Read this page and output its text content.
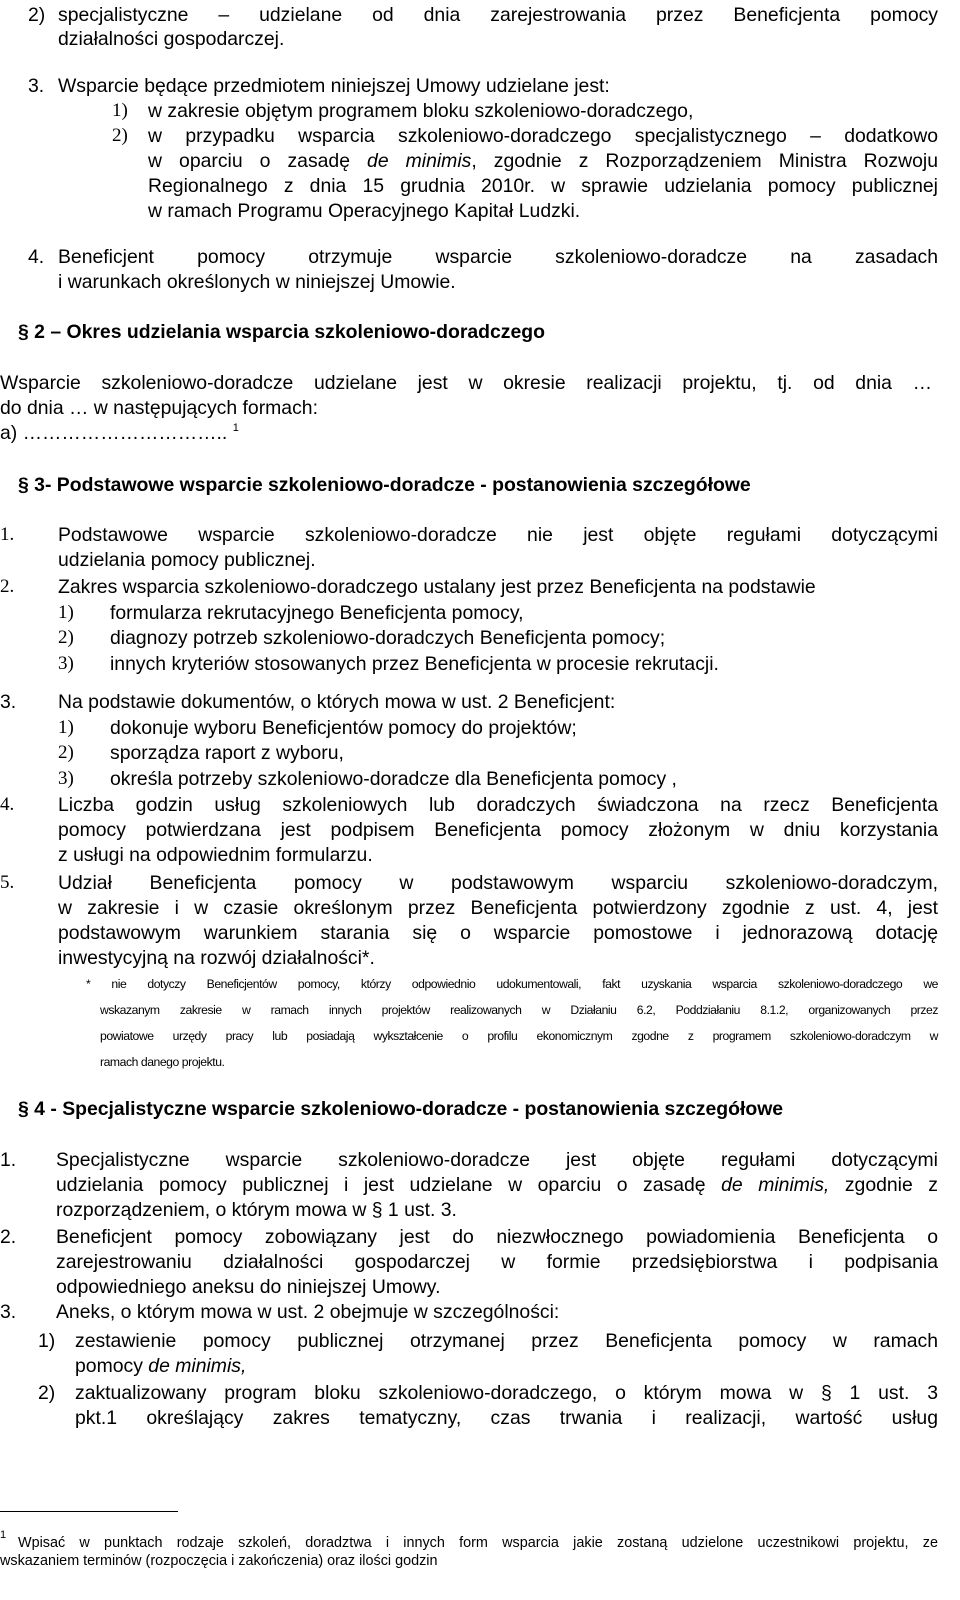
2) specjalistyczne – udzielane od dnia zarejestrowania przez Beneficjenta pomocy
działalności gospodarczej.
3. Wsparcie będące przedmiotem niniejszej Umowy udzielane jest:
1) w zakresie objętym programem bloku szkoleniowo-doradczego,
2) w przypadku wsparcia szkoleniowo-doradczego specjalistycznego – dodatkowo
w oparciu o zasadę de minimis, zgodnie z Rozporządzeniem Ministra Rozwoju
Regionalnego z dnia 15 grudnia 2010r. w sprawie udzielania pomocy publicznej
w ramach Programu Operacyjnego Kapitał Ludzki.
4. Beneficjent pomocy otrzymuje wsparcie szkoleniowo-doradcze na zasadach
i warunkach określonych w niniejszej Umowie.
§ 2 – Okres udzielania wsparcia szkoleniowo-doradczego
Wsparcie szkoleniowo-doradcze udzielane jest w okresie realizacji projektu, tj. od dnia …
do dnia … w następujących formach:
a) ………………………….. $^1$
§ 3- Podstawowe wsparcie szkoleniowo-doradcze - postanowienia szczegółowe
1. Podstawowe wsparcie szkoleniowo-doradcze nie jest objęte regułami dotyczącymi
udzielania pomocy publicznej.
2. Zakres wsparcia szkoleniowo-doradczego ustalany jest przez Beneficjenta na podstawie
1) formularza rekrutacyjnego Beneficjenta pomocy,
2) diagnozy potrzeb szkoleniowo-doradczych Beneficjenta pomocy;
3) innych kryteriów stosowanych przez Beneficjenta w procesie rekrutacji.
3. Na podstawie dokumentów, o których mowa w ust. 2 Beneficjent:
1) dokonuje wyboru Beneficjentów pomocy do projektów;
2) sporządza raport z wyboru,
3) określa potrzeby szkoleniowo-doradcze dla Beneficjenta pomocy ,
4. Liczba godzin usług szkoleniowych lub doradczych świadczona na rzecz Beneficjenta
pomocy potwierdzana jest podpisem Beneficjenta pomocy złożonym w dniu korzystania
z usługi na odpowiednim formularzu.
5. Udział Beneficjenta pomocy w podstawowym wsparciu szkoleniowo-doradczym,
w zakresie i w czasie określonym przez Beneficjenta potwierdzony zgodnie z ust. 4, jest
podstawowym warunkiem starania się o wsparcie pomostowe i jednorazową dotację
inwestycyjną na rozwój działalności*.
* nie dotyczy Beneficjentów pomocy, którzy odpowiednio udokumentowali, fakt uzyskania wsparcia szkoleniowo-doradczego we
wskazanym zakresie w ramach innych projektów realizowanych w Działaniu 6.2, Poddziałaniu 8.1.2, organizowanych przez
powiatowe urzędy pracy lub posiadają wykształcenie o profilu ekonomicznym zgodne z programem szkoleniowo-doradczym w
ramach danego projektu.
§ 4 - Specjalistyczne wsparcie szkoleniowo-doradcze - postanowienia szczegółowe
1. Specjalistyczne wsparcie szkoleniowo-doradcze jest objęte regułami dotyczącymi
udzielania pomocy publicznej i jest udzielane w oparciu o zasadę de minimis, zgodnie z
rozporządzeniem, o którym mowa w § 1 ust. 3.
2. Beneficjent pomocy zobowiązany jest do niezwłocznego powiadomienia Beneficjenta o
zarejestrowaniu działalności gospodarczej w formie przedsiębiorstwa i podpisania
odpowiedniego aneksu do niniejszej Umowy.
3. Aneks, o którym mowa w ust. 2 obejmuje w szczególności:
1) zestawienie pomocy publicznej otrzymanej przez Beneficjenta pomocy w ramach
pomocy de minimis,
2) zaktualizowany program bloku szkoleniowo-doradczego, o którym mowa w § 1 ust. 3
pkt.1 określający zakres tematyczny, czas trwania i realizacji, wartość usług
1 Wpisać w punktach rodzaje szkoleń, doradztwa i innych form wsparcia jakie zostaną udzielone uczestnikowi projektu, ze
wskazaniem terminów (rozpoczęcia i zakończenia) oraz ilości godzin
